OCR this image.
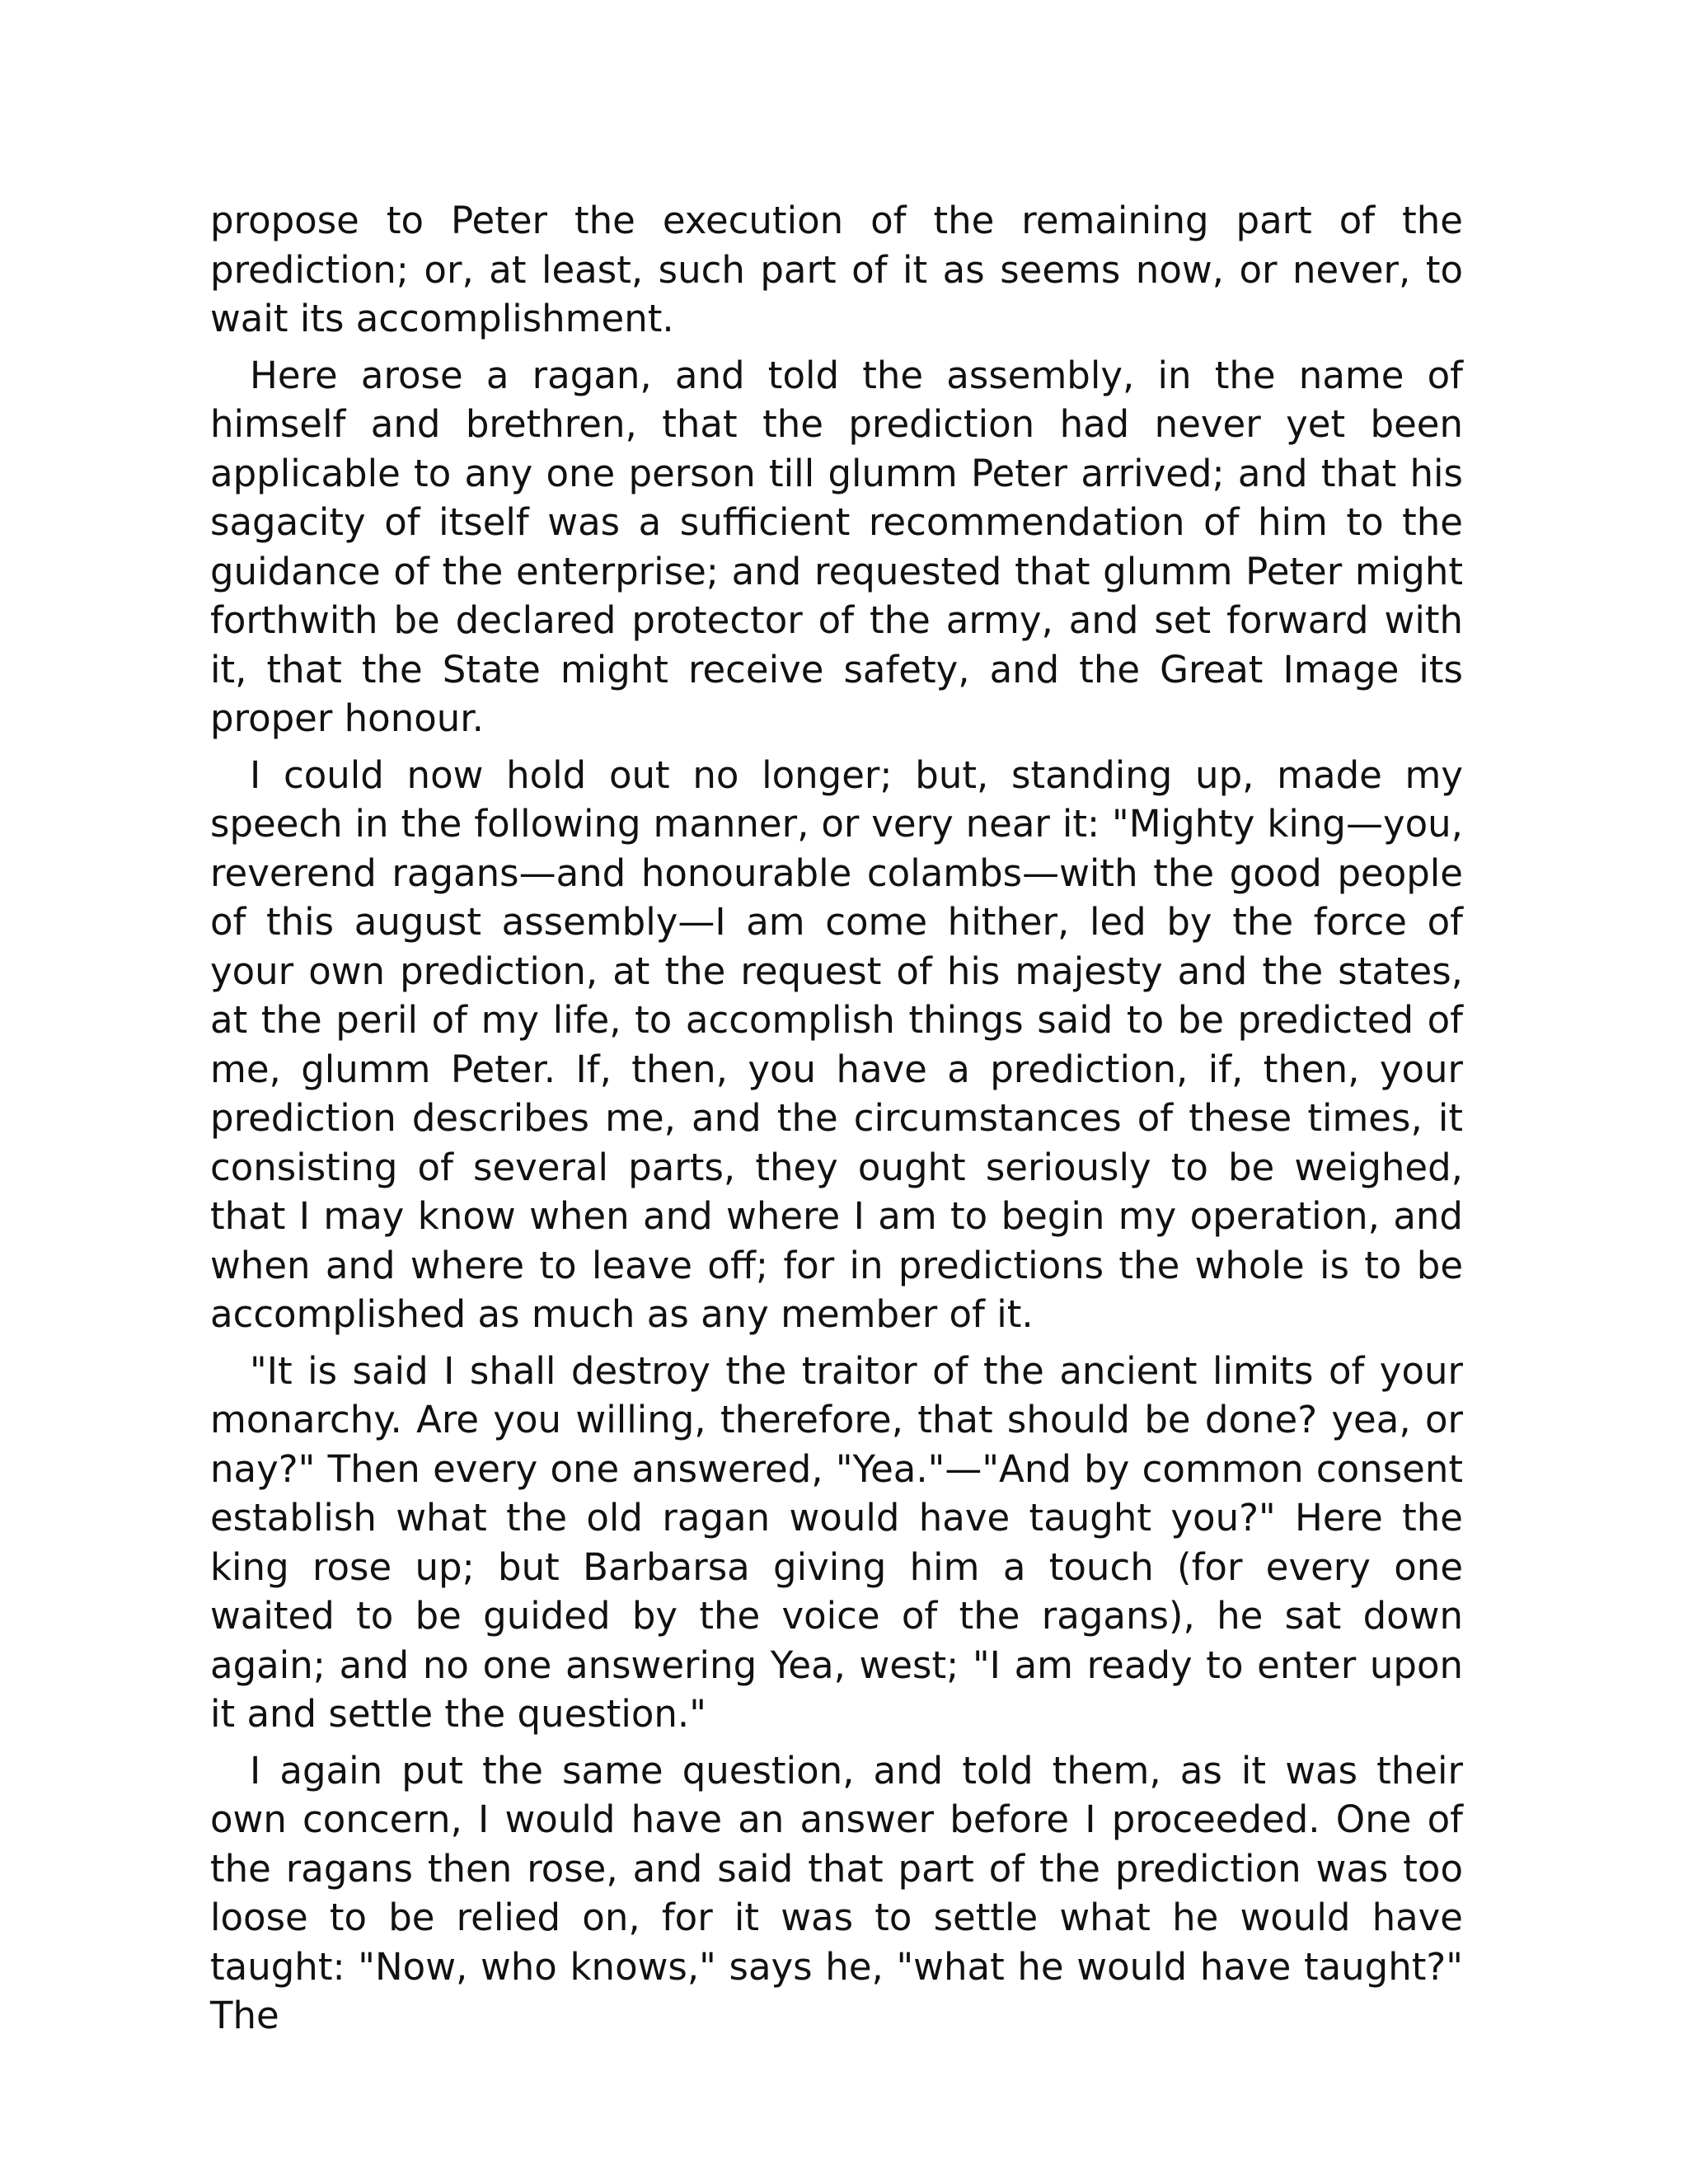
propose to Peter the execution of the remaining part of the prediction; or, at least, such part of it as seems now, or never, to wait its accomplishment.

Here arose a ragan, and told the assembly, in the name of himself and brethren, that the prediction had never yet been applicable to any one person till glumm Peter arrived; and that his sagacity of itself was a sufficient recommendation of him to the guidance of the enterprise; and requested that glumm Peter might forthwith be declared protector of the army, and set forward with it, that the State might receive safety, and the Great Image its proper honour.

I could now hold out no longer; but, standing up, made my speech in the following manner, or very near it: "Mighty king—you, reverend ragans—and honourable colambs—with the good people of this august assembly—I am come hither, led by the force of your own prediction, at the request of his majesty and the states, at the peril of my life, to accomplish things said to be predicted of me, glumm Peter. If, then, you have a prediction, if, then, your prediction describes me, and the circumstances of these times, it consisting of several parts, they ought seriously to be weighed, that I may know when and where I am to begin my operation, and when and where to leave off; for in predictions the whole is to be accomplished as much as any member of it.

"It is said I shall destroy the traitor of the ancient limits of your monarchy. Are you willing, therefore, that should be done? yea, or nay?" Then every one answered, "Yea."—"And by common consent establish what the old ragan would have taught you?" Here the king rose up; but Barbarsa giving him a touch (for every one waited to be guided by the voice of the ragans), he sat down again; and no one answering Yea, west; "I am ready to enter upon it and settle the question."

I again put the same question, and told them, as it was their own concern, I would have an answer before I proceeded. One of the ragans then rose, and said that part of the prediction was too loose to be relied on, for it was to settle what he would have taught: "Now, who knows," says he, "what he would have taught?" The
